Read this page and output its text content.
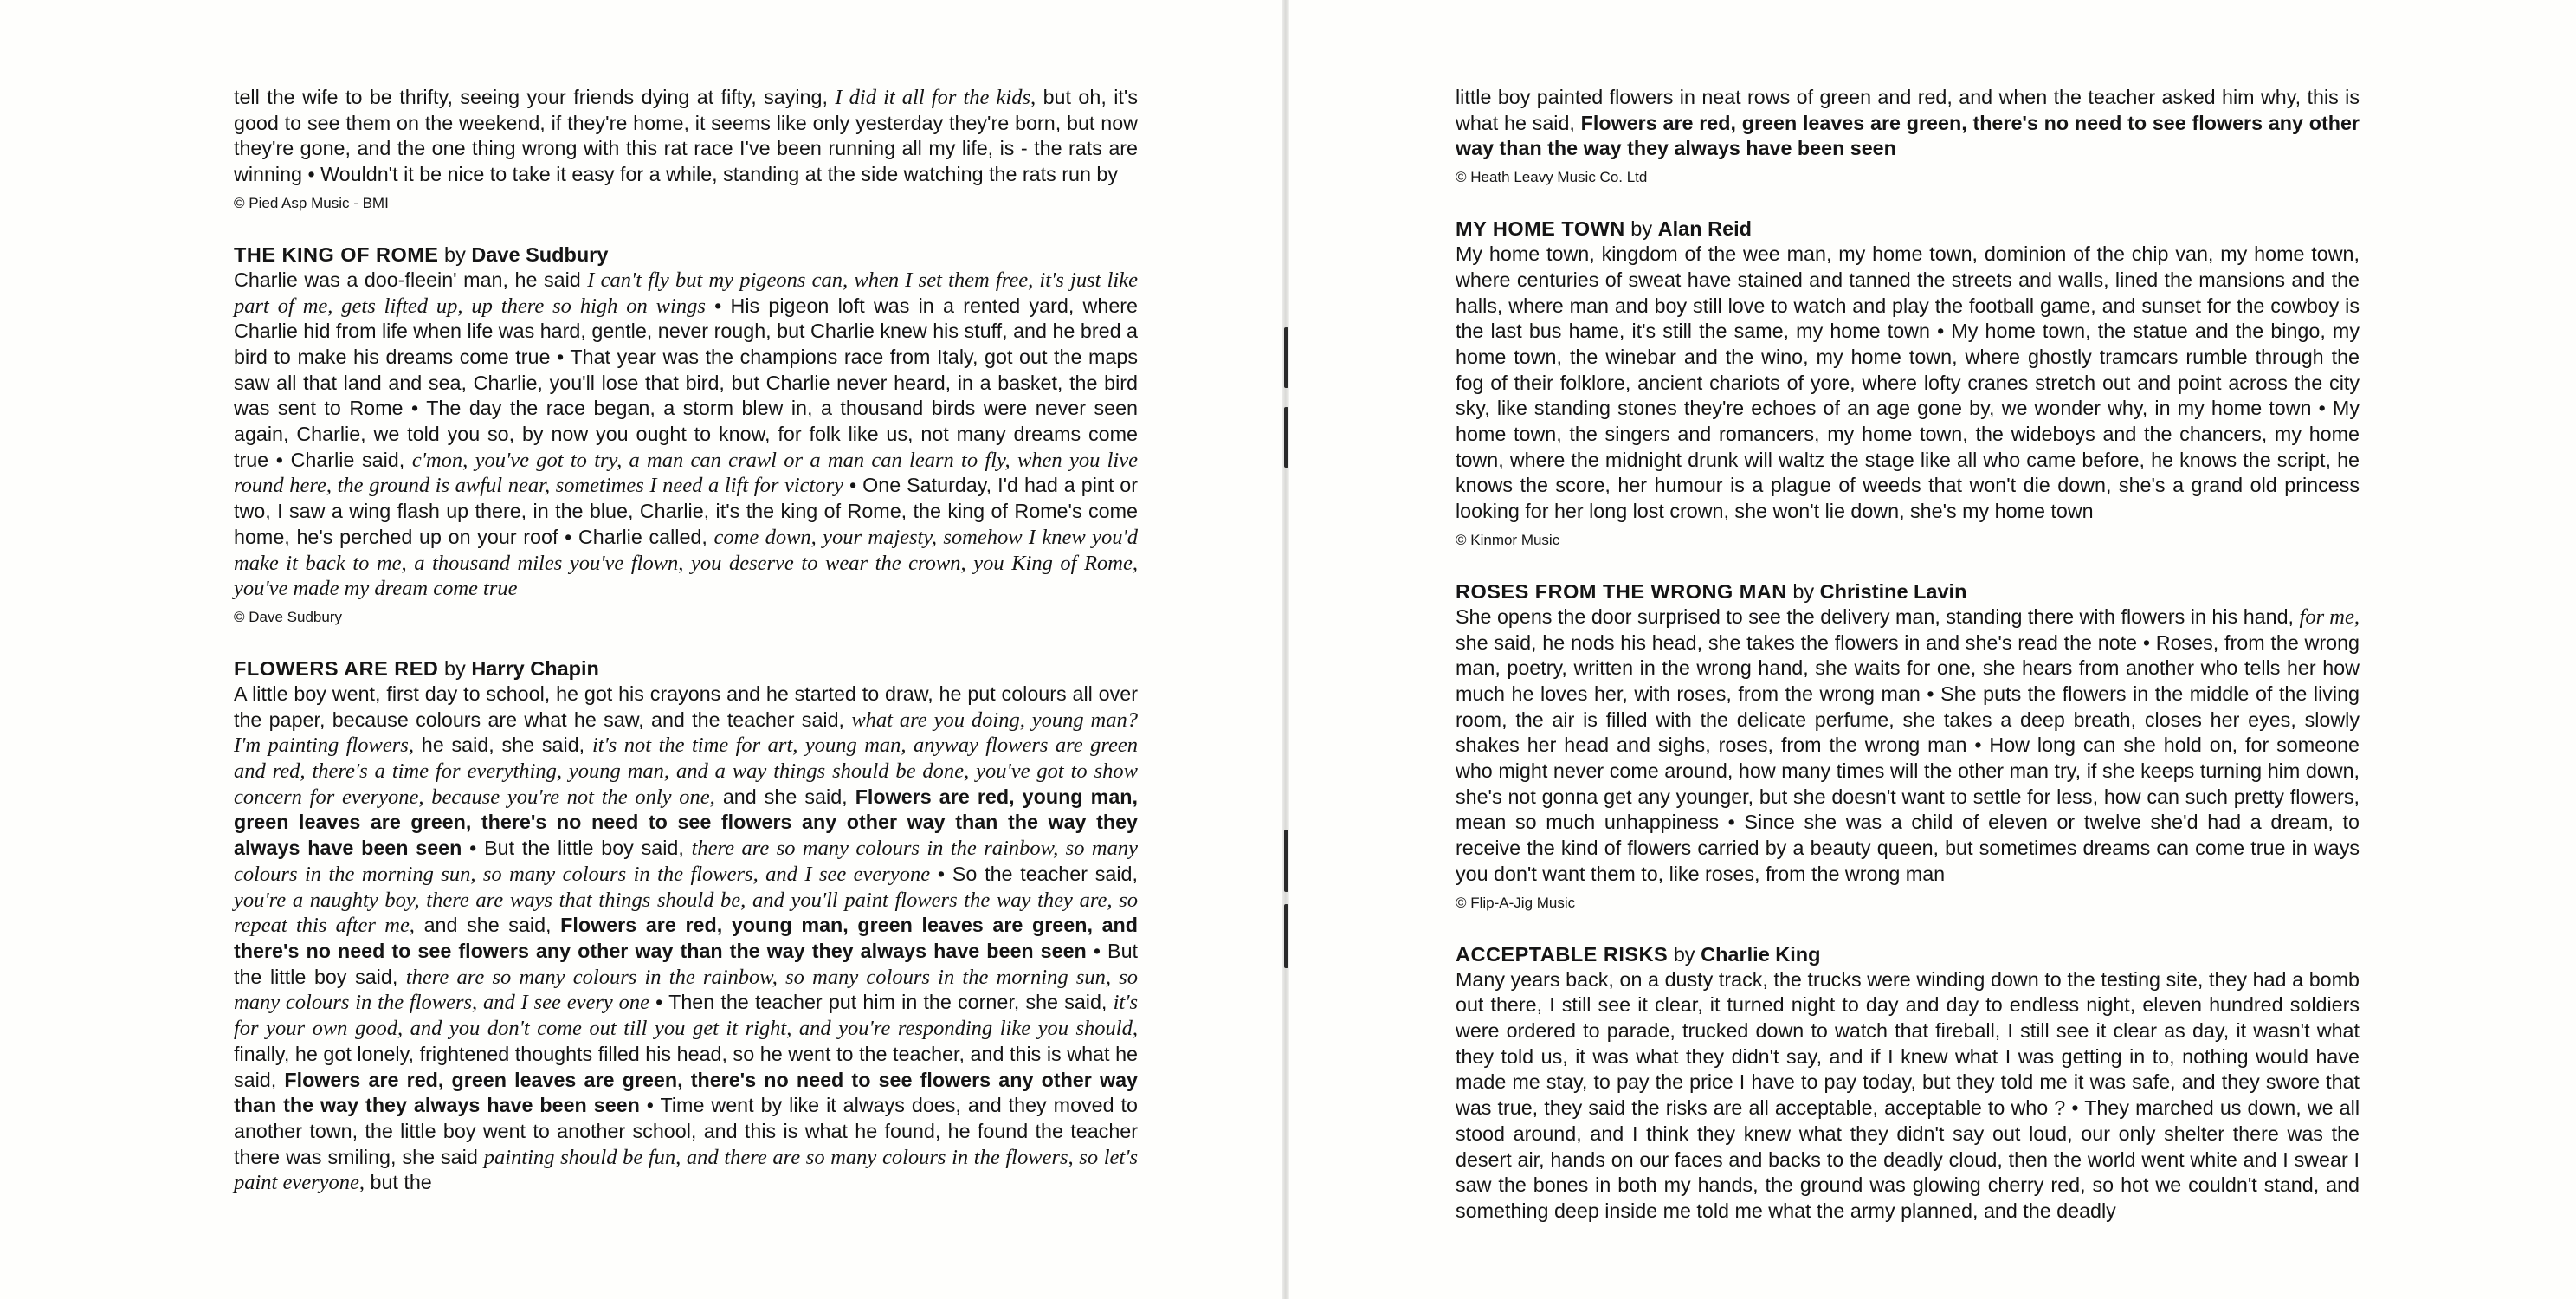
tell the wife to be thrifty, seeing your friends dying at fifty, saying, I did it all for the kids, but oh, it's good to see them on the weekend, if they're home, it seems like only yesterday they're born, but now they're gone, and the one thing wrong with this rat race I've been running all my life, is - the rats are winning • Wouldn't it be nice to take it easy for a while, standing at the side watching the rats run by

© Pied Asp Music - BMI

THE KING OF ROME by Dave Sudbury

Charlie was a doo-fleein' man, he said I can't fly but my pigeons can, when I set them free, it's just like part of me, gets lifted up, up there so high on wings • His pigeon loft was in a rented yard, where Charlie hid from life when life was hard, gentle, never rough, but Charlie knew his stuff, and he bred a bird to make his dreams come true • That year was the champions race from Italy, got out the maps saw all that land and sea, Charlie, you'll lose that bird, but Charlie never heard, in a basket, the bird was sent to Rome • The day the race began, a storm blew in, a thousand birds were never seen again, Charlie, we told you so, by now you ought to know, for folk like us, not many dreams come true • Charlie said, c'mon, you've got to try, a man can crawl or a man can learn to fly, when you live round here, the ground is awful near, sometimes I need a lift for victory • One Saturday, I'd had a pint or two, I saw a wing flash up there, in the blue, Charlie, it's the king of Rome, the king of Rome's come home, he's perched up on your roof • Charlie called, come down, your majesty, somehow I knew you'd make it back to me, a thousand miles you've flown, you deserve to wear the crown, you King of Rome, you've made my dream come true

© Dave Sudbury

FLOWERS ARE RED by Harry Chapin

A little boy went, first day to school, he got his crayons and he started to draw, he put colours all over the paper, because colours are what he saw, and the teacher said, what are you doing, young man? I'm painting flowers, he said, she said, it's not the time for art, young man, anyway flowers are green and red, there's a time for everything, young man, and a way things should be done, you've got to show concern for everyone, because you're not the only one, and she said, Flowers are red, young man, green leaves are green, there's no need to see flowers any other way than the way they always have been seen • But the little boy said, there are so many colours in the rainbow, so many colours in the morning sun, so many colours in the flowers, and I see everyone • So the teacher said, you're a naughty boy, there are ways that things should be, and you'll paint flowers the way they are, so repeat this after me, and she said, Flowers are red, young man, green leaves are green, and there's no need to see flowers any other way than the way they always have been seen • But the little boy said, there are so many colours in the rainbow, so many colours in the morning sun, so many colours in the flowers, and I see every one • Then the teacher put him in the corner, she said, it's for your own good, and you don't come out till you get it right, and you're responding like you should, finally, he got lonely, frightened thoughts filled his head, so he went to the teacher, and this is what he said, Flowers are red, green leaves are green, there's no need to see flowers any other way than the way they always have been seen • Time went by like it always does, and they moved to another town, the little boy went to another school, and this is what he found, he found the teacher there was smiling, she said painting should be fun, and there are so many colours in the flowers, so let's paint everyone, but the

little boy painted flowers in neat rows of green and red, and when the teacher asked him why, this is what he said, Flowers are red, green leaves are green, there's no need to see flowers any other way than the way they always have been seen

© Heath Leavy Music Co. Ltd

MY HOME TOWN by Alan Reid

My home town, kingdom of the wee man, my home town, dominion of the chip van, my home town, where centuries of sweat have stained and tanned the streets and walls, lined the mansions and the halls, where man and boy still love to watch and play the football game, and sunset for the cowboy is the last bus hame, it's still the same, my home town • My home town, the statue and the bingo, my home town, the winebar and the wino, my home town, where ghostly tramcars rumble through the fog of their folklore, ancient chariots of yore, where lofty cranes stretch out and point across the city sky, like standing stones they're echoes of an age gone by, we wonder why, in my home town • My home town, the singers and romancers, my home town, the wideboys and the chancers, my home town, where the midnight drunk will waltz the stage like all who came before, he knows the script, he knows the score, her humour is a plague of weeds that won't die down, she's a grand old princess looking for her long lost crown, she won't lie down, she's my home town

© Kinmor Music

ROSES FROM THE WRONG MAN by Christine Lavin

She opens the door surprised to see the delivery man, standing there with flowers in his hand, for me, she said, he nods his head, she takes the flowers in and she's read the note • Roses, from the wrong man, poetry, written in the wrong hand, she waits for one, she hears from another who tells her how much he loves her, with roses, from the wrong man • She puts the flowers in the middle of the living room, the air is filled with the delicate perfume, she takes a deep breath, closes her eyes, slowly shakes her head and sighs, roses, from the wrong man • How long can she hold on, for someone who might never come around, how many times will the other man try, if she keeps turning him down, she's not gonna get any younger, but she doesn't want to settle for less, how can such pretty flowers, mean so much unhappiness • Since she was a child of eleven or twelve she'd had a dream, to receive the kind of flowers carried by a beauty queen, but sometimes dreams can come true in ways you don't want them to, like roses, from the wrong man

© Flip-A-Jig Music

ACCEPTABLE RISKS by Charlie King

Many years back, on a dusty track, the trucks were winding down to the testing site, they had a bomb out there, I still see it clear, it turned night to day and day to endless night, eleven hundred soldiers were ordered to parade, trucked down to watch that fireball, I still see it clear as day, it wasn't what they told us, it was what they didn't say, and if I knew what I was getting in to, nothing would have made me stay, to pay the price I have to pay today, but they told me it was safe, and they swore that was true, they said the risks are all acceptable, acceptable to who ? • They marched us down, we all stood around, and I think they knew what they didn't say out loud, our only shelter there was the desert air, hands on our faces and backs to the deadly cloud, then the world went white and I swear I saw the bones in both my hands, the ground was glowing cherry red, so hot we couldn't stand, and something deep inside me told me what the army planned, and the deadly
